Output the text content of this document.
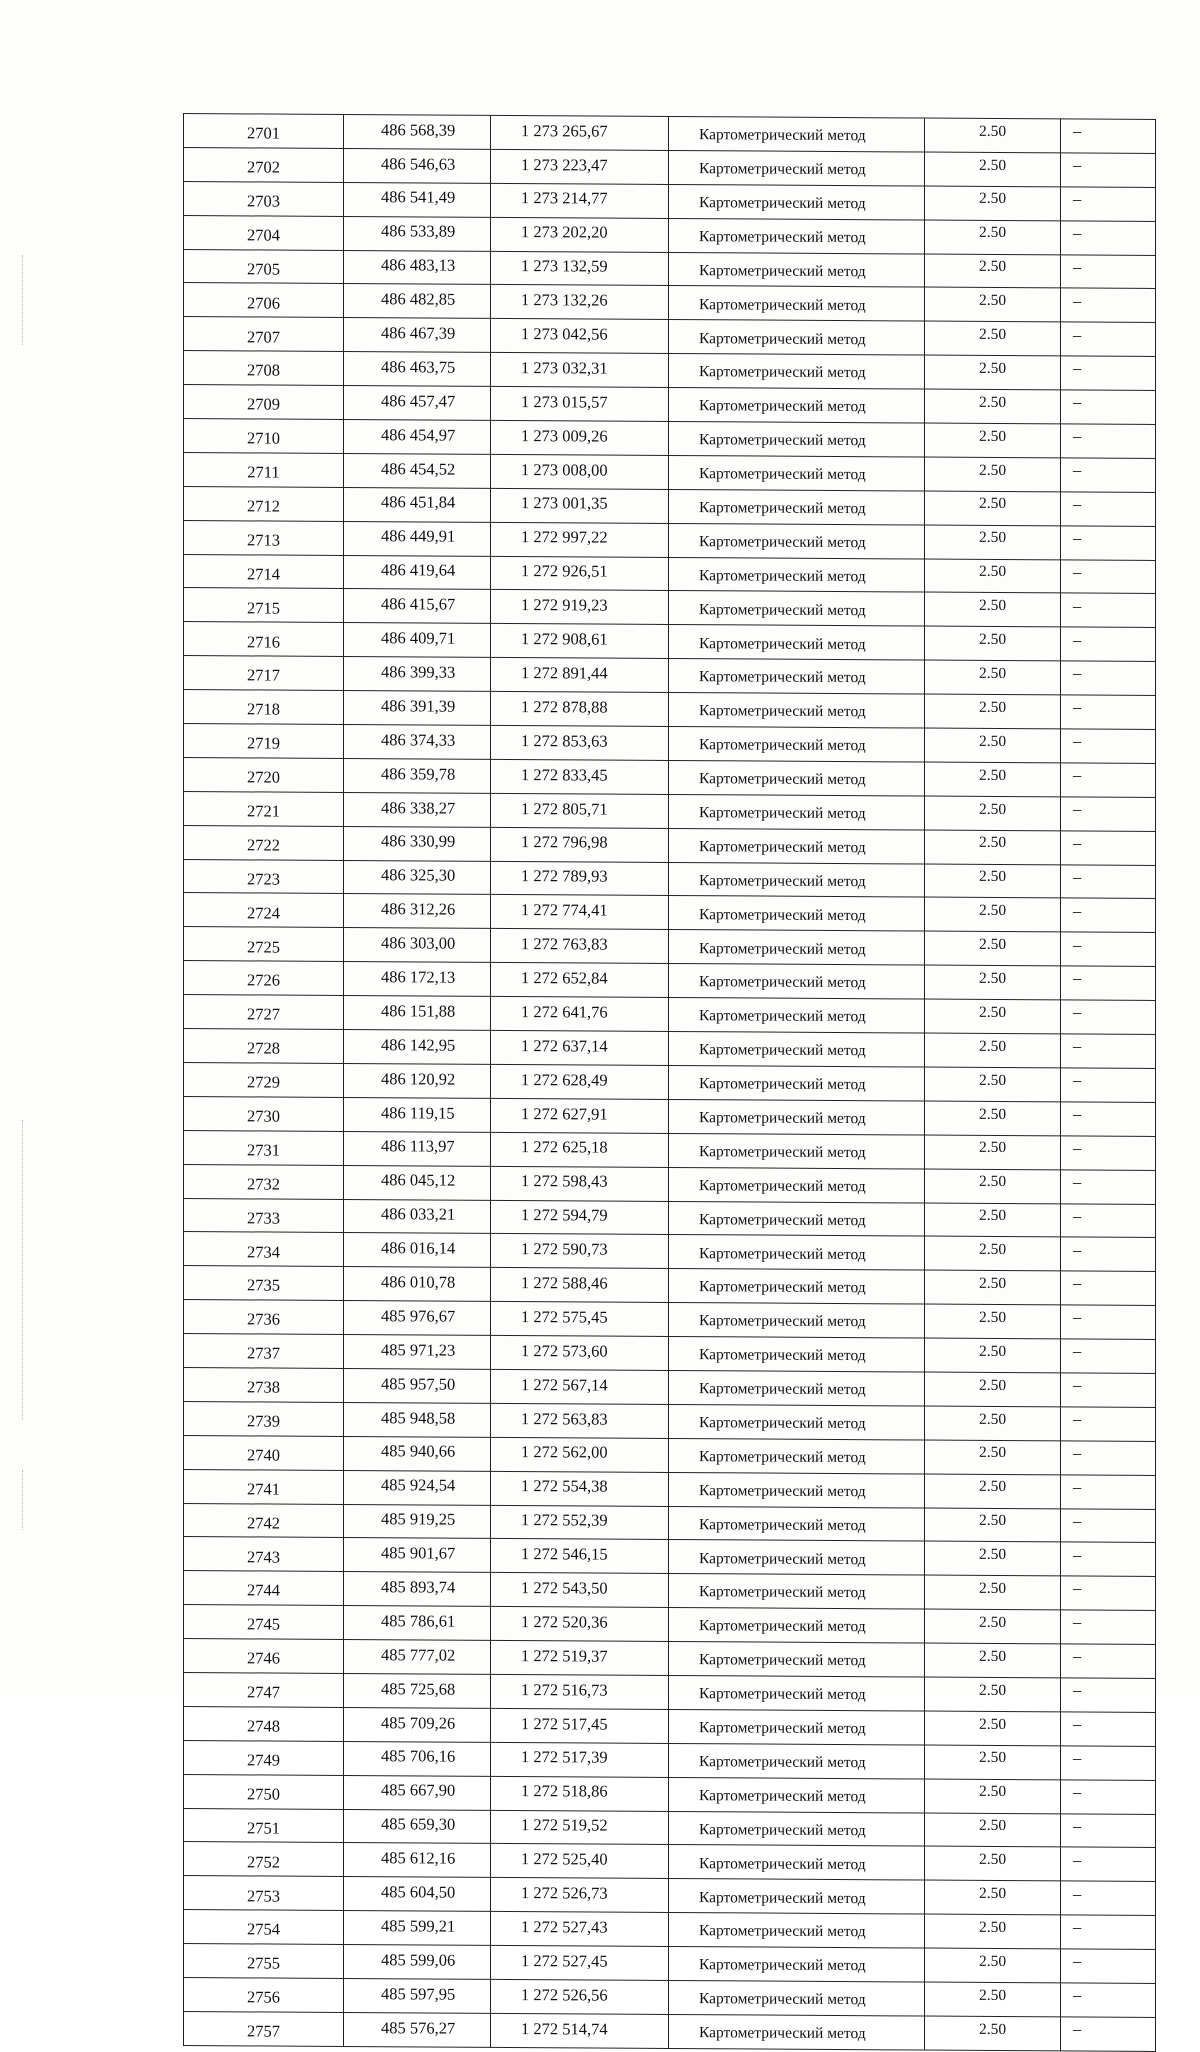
2701	486 568,39	1 273 265,67	Картометрический метод	2.50	–
2702	486 546,63	1 273 223,47	Картометрический метод	2.50	–
2703	486 541,49	1 273 214,77	Картометрический метод	2.50	–
2704	486 533,89	1 273 202,20	Картометрический метод	2.50	–
2705	486 483,13	1 273 132,59	Картометрический метод	2.50	–
2706	486 482,85	1 273 132,26	Картометрический метод	2.50	–
2707	486 467,39	1 273 042,56	Картометрический метод	2.50	–
2708	486 463,75	1 273 032,31	Картометрический метод	2.50	–
2709	486 457,47	1 273 015,57	Картометрический метод	2.50	–
2710	486 454,97	1 273 009,26	Картометрический метод	2.50	–
2711	486 454,52	1 273 008,00	Картометрический метод	2.50	–
2712	486 451,84	1 273 001,35	Картометрический метод	2.50	–
2713	486 449,91	1 272 997,22	Картометрический метод	2.50	–
2714	486 419,64	1 272 926,51	Картометрический метод	2.50	–
2715	486 415,67	1 272 919,23	Картометрический метод	2.50	–
2716	486 409,71	1 272 908,61	Картометрический метод	2.50	–
2717	486 399,33	1 272 891,44	Картометрический метод	2.50	–
2718	486 391,39	1 272 878,88	Картометрический метод	2.50	–
2719	486 374,33	1 272 853,63	Картометрический метод	2.50	–
2720	486 359,78	1 272 833,45	Картометрический метод	2.50	–
2721	486 338,27	1 272 805,71	Картометрический метод	2.50	–
2722	486 330,99	1 272 796,98	Картометрический метод	2.50	–
2723	486 325,30	1 272 789,93	Картометрический метод	2.50	–
2724	486 312,26	1 272 774,41	Картометрический метод	2.50	–
2725	486 303,00	1 272 763,83	Картометрический метод	2.50	–
2726	486 172,13	1 272 652,84	Картометрический метод	2.50	–
2727	486 151,88	1 272 641,76	Картометрический метод	2.50	–
2728	486 142,95	1 272 637,14	Картометрический метод	2.50	–
2729	486 120,92	1 272 628,49	Картометрический метод	2.50	–
2730	486 119,15	1 272 627,91	Картометрический метод	2.50	–
2731	486 113,97	1 272 625,18	Картометрический метод	2.50	–
2732	486 045,12	1 272 598,43	Картометрический метод	2.50	–
2733	486 033,21	1 272 594,79	Картометрический метод	2.50	–
2734	486 016,14	1 272 590,73	Картометрический метод	2.50	–
2735	486 010,78	1 272 588,46	Картометрический метод	2.50	–
2736	485 976,67	1 272 575,45	Картометрический метод	2.50	–
2737	485 971,23	1 272 573,60	Картометрический метод	2.50	–
2738	485 957,50	1 272 567,14	Картометрический метод	2.50	–
2739	485 948,58	1 272 563,83	Картометрический метод	2.50	–
2740	485 940,66	1 272 562,00	Картометрический метод	2.50	–
2741	485 924,54	1 272 554,38	Картометрический метод	2.50	–
2742	485 919,25	1 272 552,39	Картометрический метод	2.50	–
2743	485 901,67	1 272 546,15	Картометрический метод	2.50	–
2744	485 893,74	1 272 543,50	Картометрический метод	2.50	–
2745	485 786,61	1 272 520,36	Картометрический метод	2.50	–
2746	485 777,02	1 272 519,37	Картометрический метод	2.50	–
2747	485 725,68	1 272 516,73	Картометрический метод	2.50	–
2748	485 709,26	1 272 517,45	Картометрический метод	2.50	–
2749	485 706,16	1 272 517,39	Картометрический метод	2.50	–
2750	485 667,90	1 272 518,86	Картометрический метод	2.50	–
2751	485 659,30	1 272 519,52	Картометрический метод	2.50	–
2752	485 612,16	1 272 525,40	Картометрический метод	2.50	–
2753	485 604,50	1 272 526,73	Картометрический метод	2.50	–
2754	485 599,21	1 272 527,43	Картометрический метод	2.50	–
2755	485 599,06	1 272 527,45	Картометрический метод	2.50	–
2756	485 597,95	1 272 526,56	Картометрический метод	2.50	–
2757	485 576,27	1 272 514,74	Картометрический метод	2.50	–
